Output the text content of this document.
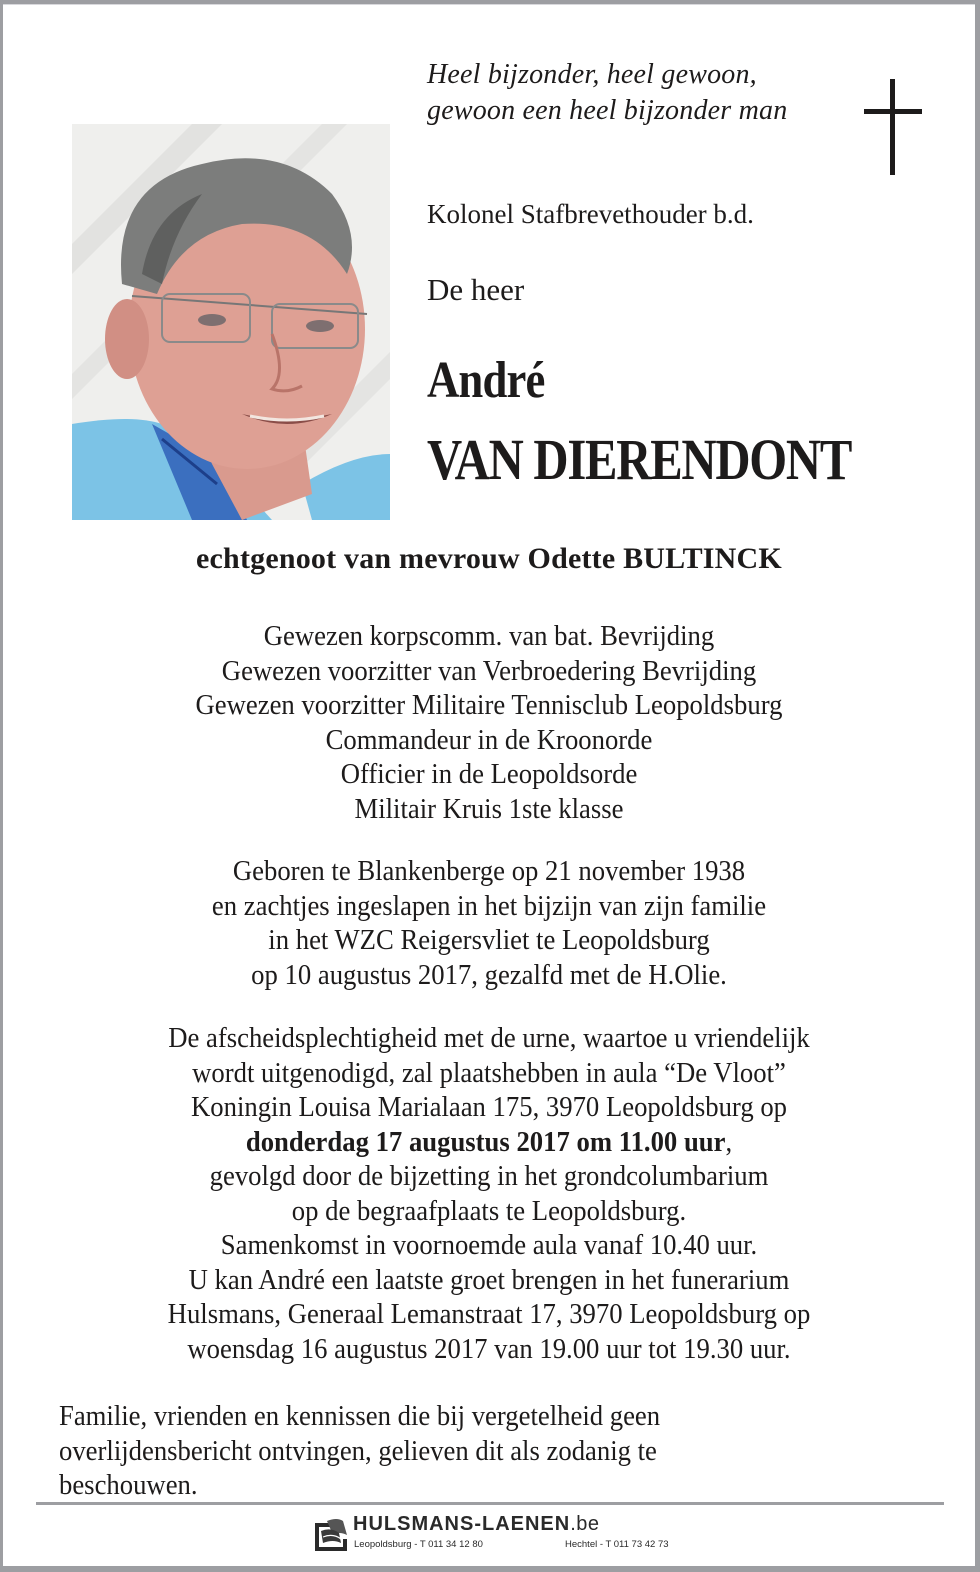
Heel bijzonder, heel gewoon,
gewoon een heel bijzonder man
Kolonel Stafbrevethouder b.d.
De heer
André
VAN DIERENDONT
echtgenoot van mevrouw Odette BULTINCK
Gewezen korpscomm. van bat. Bevrijding
Gewezen voorzitter van Verbroedering Bevrijding
Gewezen voorzitter Militaire Tennisclub Leopoldsburg
Commandeur in de Kroonorde
Officier in de Leopoldsorde
Militair Kruis 1ste klasse
Geboren te Blankenberge op 21 november 1938
en zachtjes ingeslapen in het bijzijn van zijn familie
in het WZC Reigersvliet te Leopoldsburg
op 10 augustus 2017, gezalfd met de H.Olie.
De afscheidsplechtigheid met de urne, waartoe u vriendelijk
wordt uitgenodigd, zal plaatshebben in aula “De Vloot”
Koningin Louisa Marialaan 175, 3970 Leopoldsburg op
donderdag 17 augustus 2017 om 11.00 uur,
gevolgd door de bijzetting in het grondcolumbarium
op de begraafplaats te Leopoldsburg.
Samenkomst in voornoemde aula vanaf 10.40 uur.
U kan André een laatste groet brengen in het funerarium
Hulsmans, Generaal Lemanstraat 17, 3970 Leopoldsburg op
woensdag 16 augustus 2017 van 19.00 uur tot 19.30 uur.
Familie, vrienden en kennissen die bij vergetelheid geen
overlijdensbericht ontvingen, gelieven dit als zodanig te
beschouwen.
HULSMANS-LAENEN.be
Leopoldsburg - T 011 34 12 80	Hechtel - T 011 73 42 73
